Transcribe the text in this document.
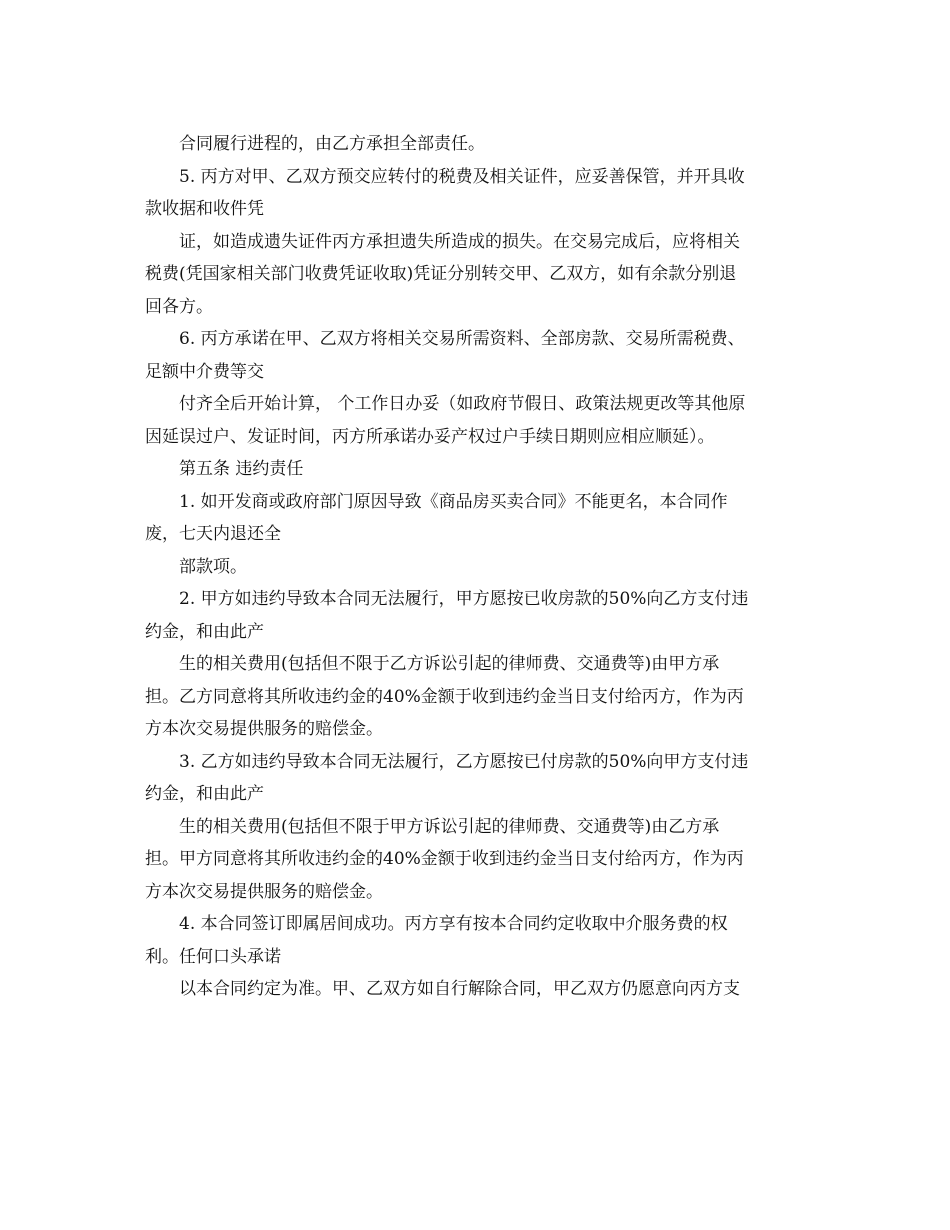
合同履行进程的，由乙方承担全部责任。
5. 丙方对甲、乙双方预交应转付的税费及相关证件，应妥善保管，并开具收
款收据和收件凭
证，如造成遗失证件丙方承担遗失所造成的损失。在交易完成后，应将相关
税费(凭国家相关部门收费凭证收取)凭证分别转交甲、乙双方，如有余款分别退
回各方。
6. 丙方承诺在甲、乙双方将相关交易所需资料、全部房款、交易所需税费、
足额中介费等交
付齐全后开始计算， 个工作日办妥（如政府节假日、政策法规更改等其他原
因延误过户、发证时间，丙方所承诺办妥产权过户手续日期则应相应顺延）。
第五条 违约责任
1. 如开发商或政府部门原因导致《商品房买卖合同》不能更名，本合同作
废，七天内退还全
部款项。
2. 甲方如违约导致本合同无法履行，甲方愿按已收房款的50%向乙方支付违
约金，和由此产
生的相关费用(包括但不限于乙方诉讼引起的律师费、交通费等)由甲方承
担。乙方同意将其所收违约金的40%金额于收到违约金当日支付给丙方，作为丙
方本次交易提供服务的赔偿金。
3. 乙方如违约导致本合同无法履行，乙方愿按已付房款的50%向甲方支付违
约金，和由此产
生的相关费用(包括但不限于甲方诉讼引起的律师费、交通费等)由乙方承
担。甲方同意将其所收违约金的40%金额于收到违约金当日支付给丙方，作为丙
方本次交易提供服务的赔偿金。
4. 本合同签订即属居间成功。丙方享有按本合同约定收取中介服务费的权
利。任何口头承诺
以本合同约定为准。甲、乙双方如自行解除合同，甲乙双方仍愿意向丙方支
